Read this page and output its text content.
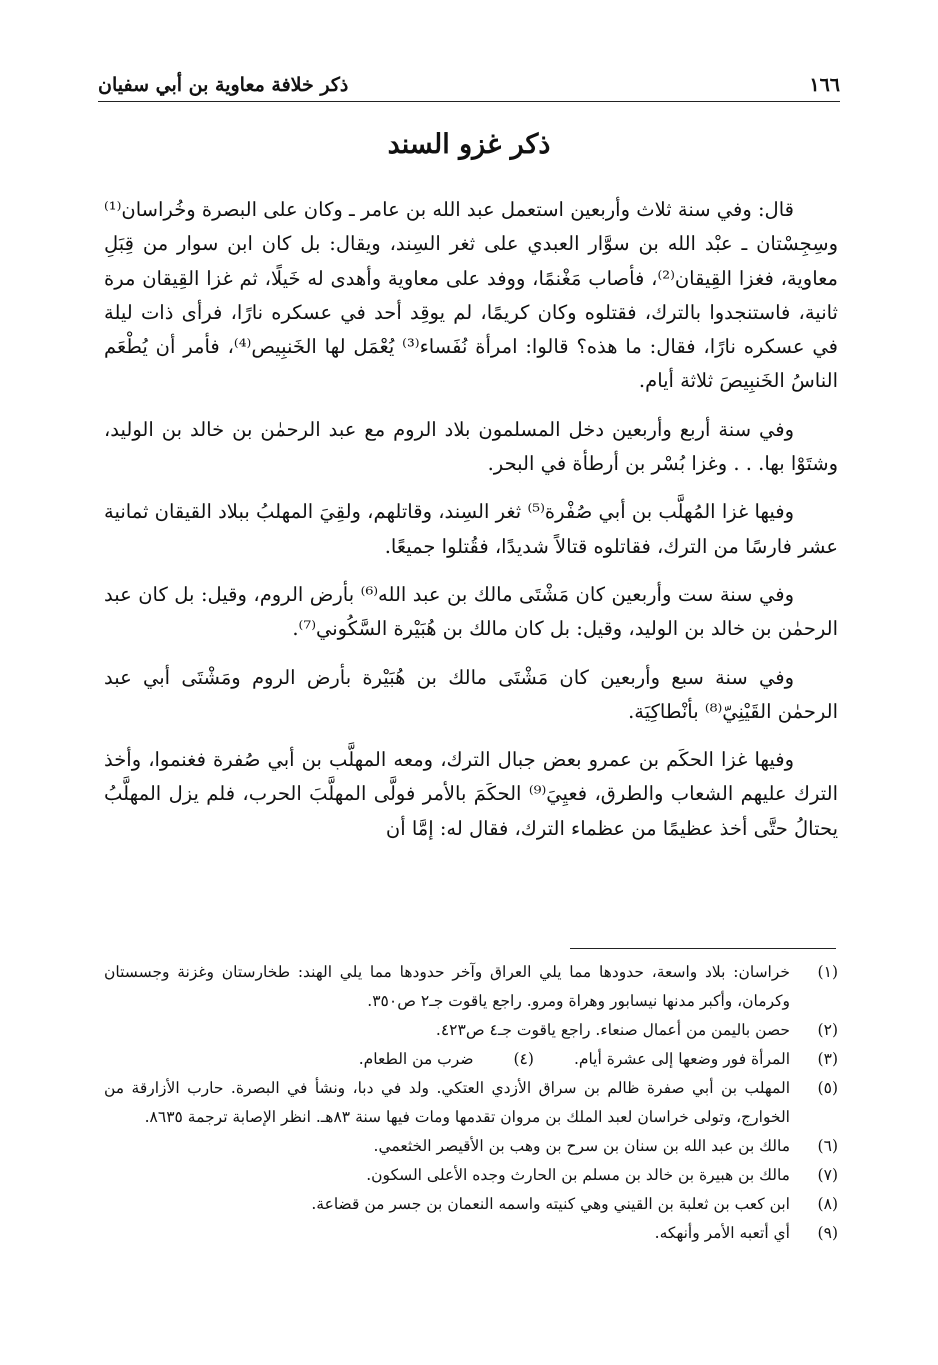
١٦٦
ذكر خلافة معاوية بن أبي سفيان
ذكر غزو السند

قال: وفي سنة ثلاث وأربعين استعمل عبد الله بن عامر ـ وكان على البصرة وخُراسان⁽¹⁾ وسِجِسْتان ـ عبْد الله بن سوَّار العبدي على ثغر السِند، ويقال: بل كان ابن سوار من قِبَلِ معاوية، فغزا القِيقان⁽²⁾، فأصاب مَغْنمًا، ووفد على معاوية وأهدى له خَيلًا، ثم غزا القِيقان مرة ثانية، فاستنجدوا بالترك، فقتلوه وكان كريمًا، لم يوقِد أحد في عسكره نارًا، فرأى ذات ليلة في عسكره نارًا، فقال: ما هذه؟ قالوا: امرأة نُفَساء⁽³⁾ يُعْمَل لها الخَنبِيص⁽⁴⁾، فأمر أن يُطْعَم الناسُ الخَنبِيصَ ثلاثة أيام.

وفي سنة أربع وأربعين دخل المسلمون بلاد الروم مع عبد الرحمٰن بن خالد بن الوليد، وشتَوْا بها. . . وغزا بُسْر بن أرطأة في البحر.

وفيها غزا المُهلَّب بن أبي صُفْرة⁽⁵⁾ ثغر السِند، وقاتلهم، ولقِيَ المهلبُ ببلاد القيقان ثمانية عشر فارسًا من الترك، فقاتلوه قتالاً شديدًا، فقُتلوا جميعًا.

وفي سنة ست وأربعين كان مَشْتَى مالك بن عبد الله⁽⁶⁾ بأرض الروم، وقيل: بل كان عبد الرحمٰن بن خالد بن الوليد، وقيل: بل كان مالك بن هُبَيْرة السَّكُوني⁽⁷⁾.

وفي سنة سبع وأربعين كان مَشْتَى مالك بن هُبَيْرة بأرض الروم ومَشْتَى أبي عبد الرحمٰن القَيْنِيّ⁽⁸⁾ بأنْطاكِيَة.

وفيها غزا الحكَم بن عمرو بعض جبال الترك، ومعه المهلَّب بن أبي صُفرة فغنموا، وأخذ الترك عليهم الشعاب والطرق، فعيِيَ⁽⁹⁾ الحكَمَ بالأمر فولَّى المهلَّبَ الحرب، فلم يزل المهلَّبُ يحتالُ حتَّى أخذ عظيمًا من عظماء الترك، فقال له: إمَّا أن

(١)
خراسان: بلاد واسعة، حدودها مما يلي العراق وآخر حدودها مما يلي الهند: طخارستان وغزنة وجسستان وكرمان، وأكبر مدنها نيسابور وهراة ومرو. راجع ياقوت جـ٢ ص٣٥٠.
(٢)
حصن باليمن من أعمال صنعاء. راجع ياقوت جـ٤ ص٤٢٣.
(٣)
المرأة فور وضعها إلى عشرة أيام.
(٤)
ضرب من الطعام.
(٥)
المهلب بن أبي صفرة ظالم بن سراق الأزدي العتكي. ولد في دبا، ونشأ في البصرة. حارب الأزارقة من الخوارج، وتولى خراسان لعبد الملك بن مروان تقدمها ومات فيها سنة ٨٣هـ. انظر الإصابة ترجمة ٨٦٣٥.
(٦)
مالك بن عبد الله بن سنان بن سرح بن وهب بن الأقيصر الخثعمي.
(٧)
مالك بن هبيرة بن خالد بن مسلم بن الحارث وجده الأعلى السكون.
(٨)
ابن كعب بن ثعلبة بن القيني وهي كنيته واسمه النعمان بن جسر من قضاعة.
(٩)
أي أتعبه الأمر وأنهكه.
